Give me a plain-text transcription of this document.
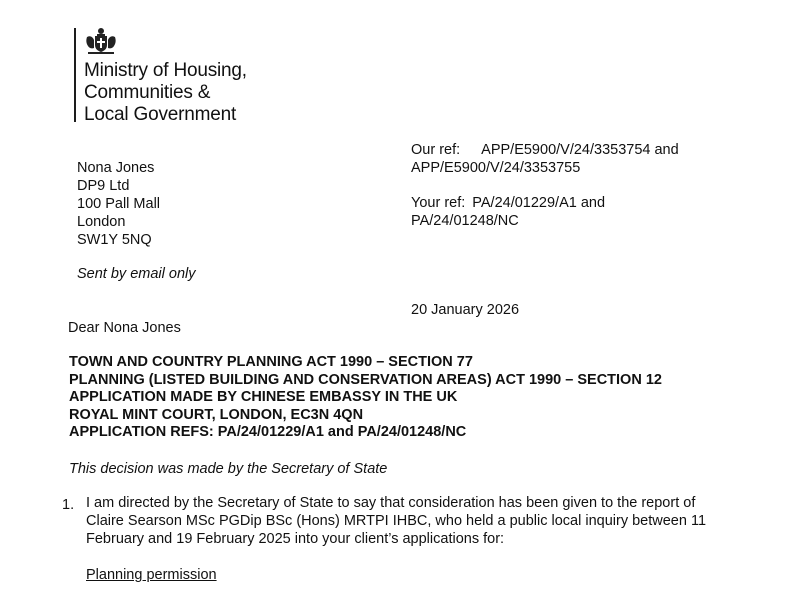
Ministry of Housing,
Communities &
Local Government
Nona Jones
DP9 Ltd
100 Pall Mall
London
SW1Y 5NQ
Sent by email only
Our ref: APP/E5900/V/24/3353754 and
APP/E5900/V/24/3353755
Your ref: PA/24/01229/A1 and
PA/24/01248/NC
20 January 2026
Dear Nona Jones
TOWN AND COUNTRY PLANNING ACT 1990 – SECTION 77
PLANNING (LISTED BUILDING AND CONSERVATION AREAS) ACT 1990 – SECTION 12
APPLICATION MADE BY CHINESE EMBASSY IN THE UK
ROYAL MINT COURT, LONDON, EC3N 4QN
APPLICATION REFS: PA/24/01229/A1 and PA/24/01248/NC
This decision was made by the Secretary of State
1. I am directed by the Secretary of State to say that consideration has been given to the report of
Claire Searson MSc PGDip BSc (Hons) MRTPI IHBC, who held a public local inquiry between 11
February and 19 February 2025 into your client’s applications for:
Planning permission
